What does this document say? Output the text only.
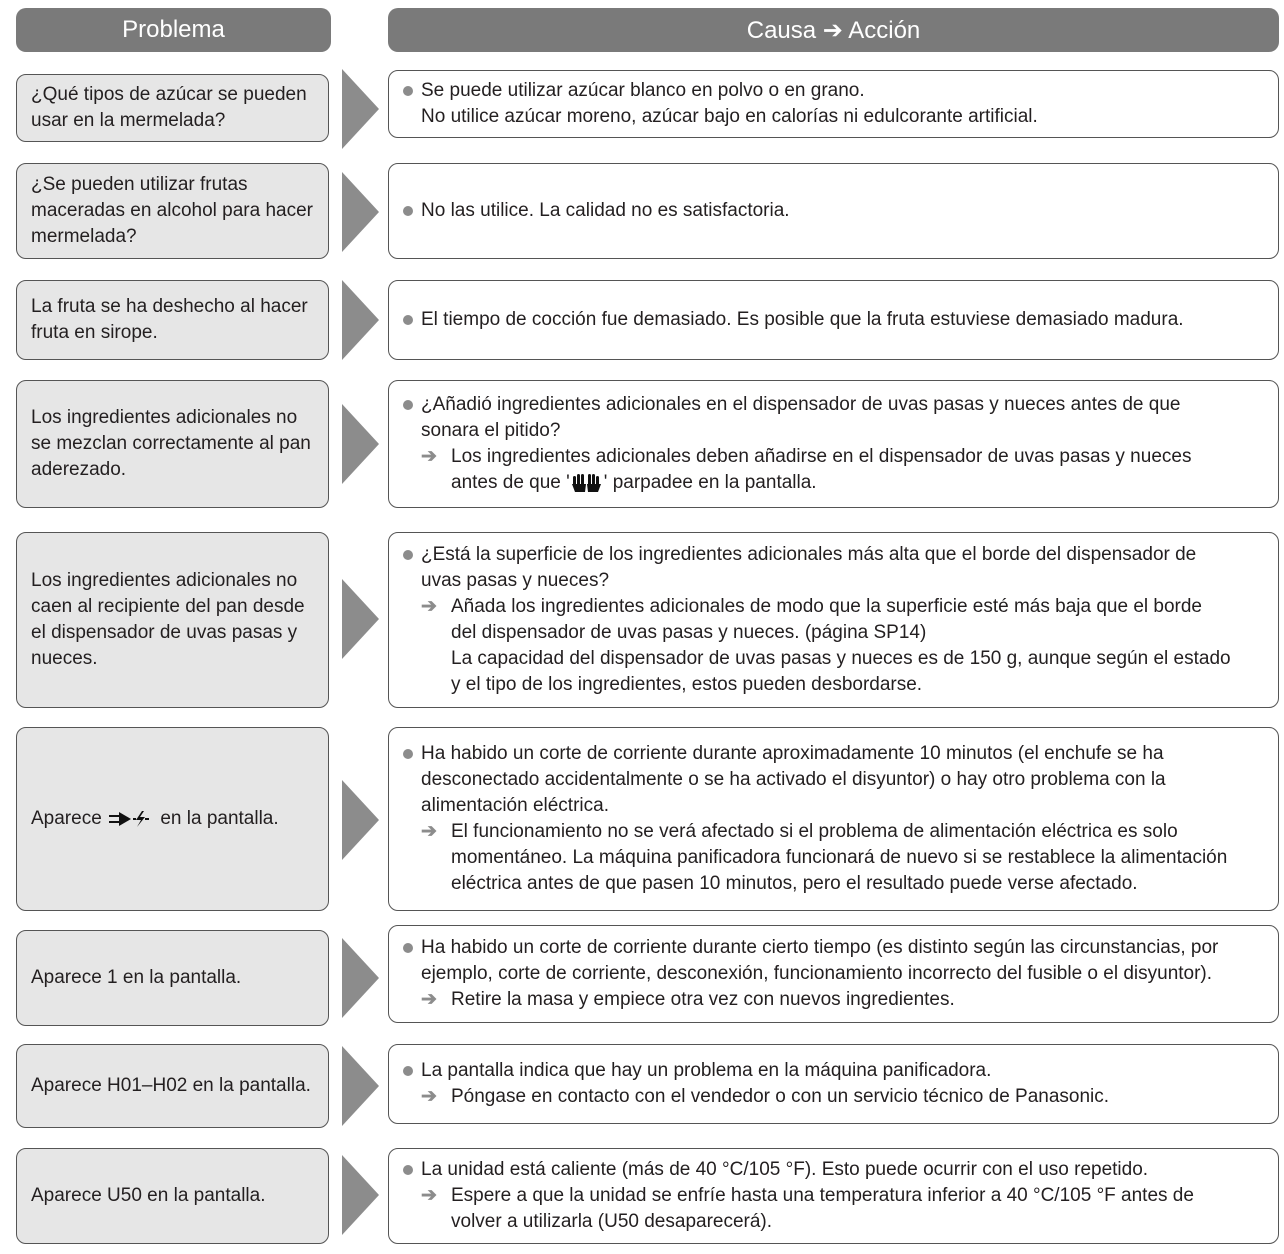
Problema	Causa ➔ Acción
¿Qué tipos de azúcar se pueden usar en la mermelada?
Se puede utilizar azúcar blanco en polvo o en grano.
No utilice azúcar moreno, azúcar bajo en calorías ni edulcorante artificial.
¿Se pueden utilizar frutas maceradas en alcohol para hacer mermelada?
No las utilice. La calidad no es satisfactoria.
La fruta se ha deshecho al hacer fruta en sirope.
El tiempo de cocción fue demasiado. Es posible que la fruta estuviese demasiado madura.
Los ingredientes adicionales no se mezclan correctamente al pan aderezado.
¿Añadió ingredientes adicionales en el dispensador de uvas pasas y nueces antes de que
sonara el pitido?
➔ Los ingredientes adicionales deben añadirse en el dispensador de uvas pasas y nueces
antes de que ' ' parpadee en la pantalla.
Los ingredientes adicionales no caen al recipiente del pan desde el dispensador de uvas pasas y nueces.
¿Está la superficie de los ingredientes adicionales más alta que el borde del dispensador de
uvas pasas y nueces?
➔ Añada los ingredientes adicionales de modo que la superficie esté más baja que el borde
del dispensador de uvas pasas y nueces. (página SP14)
La capacidad del dispensador de uvas pasas y nueces es de 150 g, aunque según el estado
y el tipo de los ingredientes, estos pueden desbordarse.
Aparece	en la pantalla.
Ha habido un corte de corriente durante aproximadamente 10 minutos (el enchufe se ha
desconectado accidentalmente o se ha activado el disyuntor) o hay otro problema con la
alimentación eléctrica.
➔ El funcionamiento no se verá afectado si el problema de alimentación eléctrica es solo
momentáneo. La máquina panificadora funcionará de nuevo si se restablece la alimentación
eléctrica antes de que pasen 10 minutos, pero el resultado puede verse afectado.
Aparece 1 en la pantalla.
Ha habido un corte de corriente durante cierto tiempo (es distinto según las circunstancias, por
ejemplo, corte de corriente, desconexión, funcionamiento incorrecto del fusible o el disyuntor).
➔ Retire la masa y empiece otra vez con nuevos ingredientes.
Aparece H01–H02 en la pantalla.
La pantalla indica que hay un problema en la máquina panificadora.
➔ Póngase en contacto con el vendedor o con un servicio técnico de Panasonic.
Aparece U50 en la pantalla.
La unidad está caliente (más de 40 °C/105 °F). Esto puede ocurrir con el uso repetido.
➔ Espere a que la unidad se enfríe hasta una temperatura inferior a 40 °C/105 °F antes de
volver a utilizarla (U50 desaparecerá).
